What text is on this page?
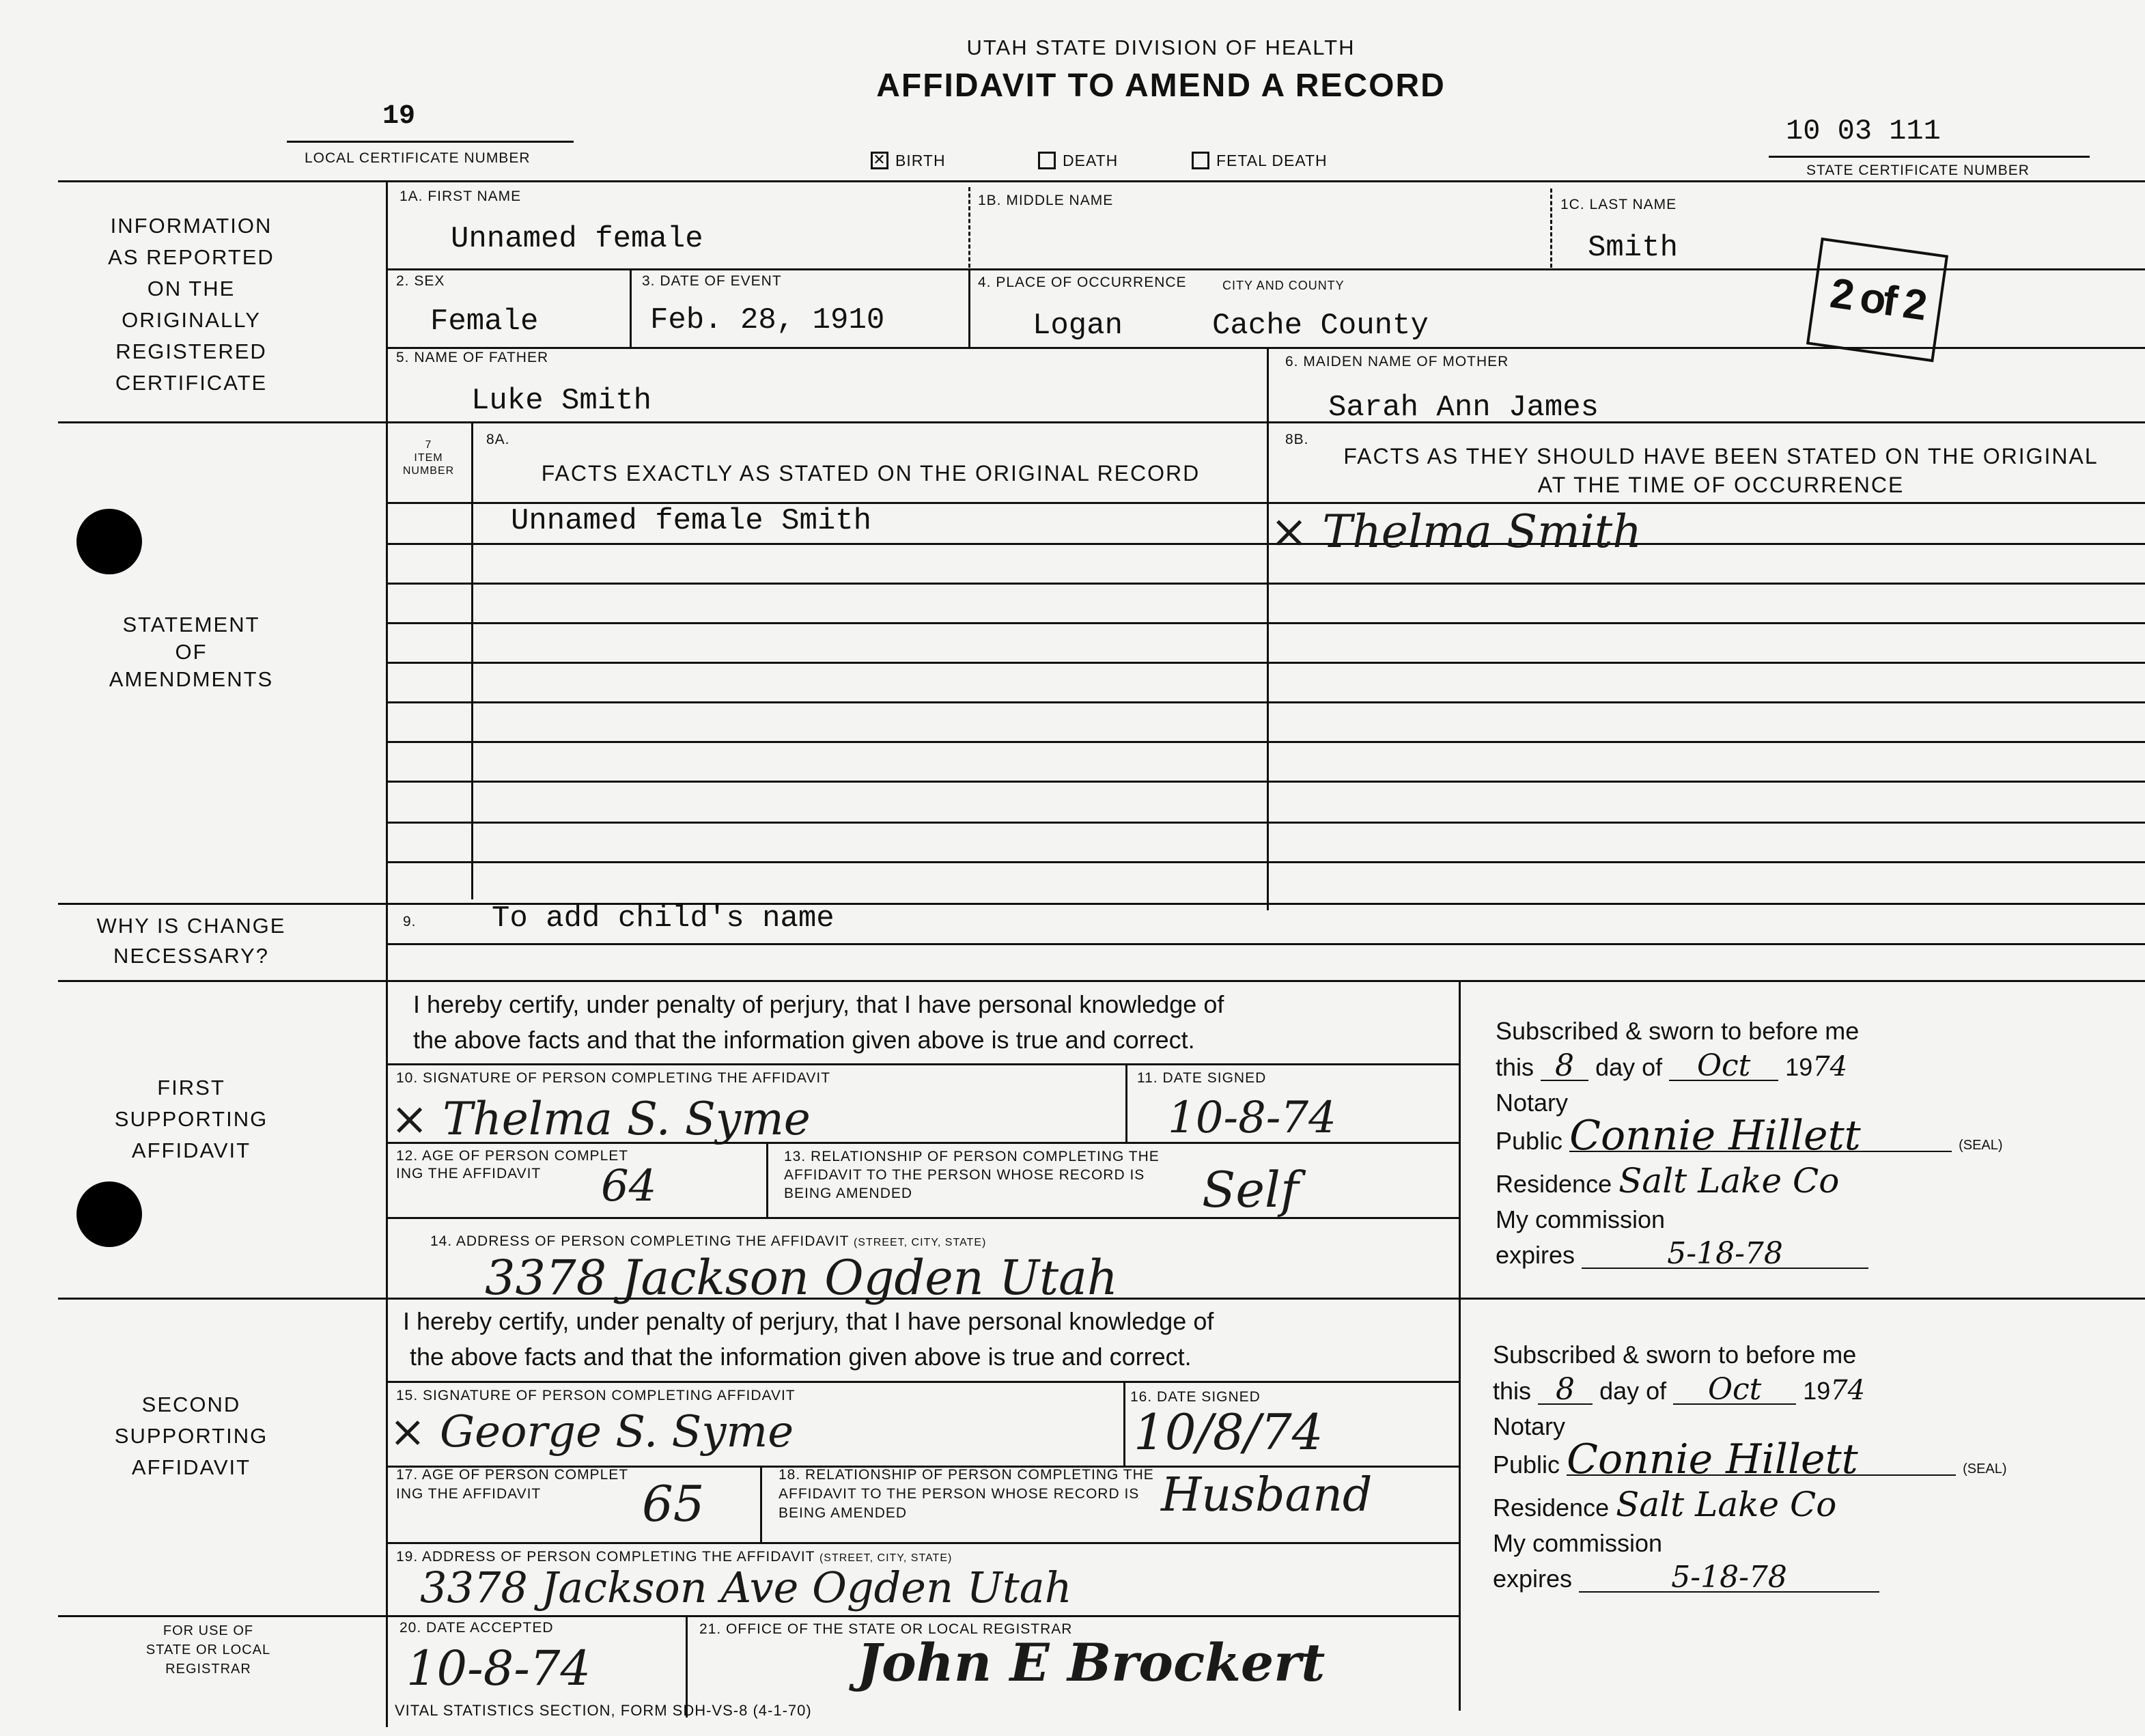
UTAH STATE DIVISION OF HEALTH
AFFIDAVIT TO AMEND A RECORD
19
LOCAL CERTIFICATE NUMBER
10 03 111
STATE CERTIFICATE NUMBER
✕ BIRTH	DEATH	FETAL DEATH
2 of 2
1A. FIRST NAME
Unnamed female
1B. MIDDLE NAME	1C. LAST NAME
Smith
2. SEX
Female
3. DATE OF EVENT
Feb. 28, 1910
4. PLACE OF OCCURRENCE	CITY AND COUNTY
Logan	Cache County
5. NAME OF FATHER
Luke Smith
6. MAIDEN NAME OF MOTHER
Sarah Ann James
INFORMATION
AS REPORTED
ON THE
ORIGINALLY
REGISTERED
CERTIFICATE
7
ITEM
NUMBER
8A.
FACTS EXACTLY AS STATED ON THE ORIGINAL RECORD
8B.
FACTS AS THEY SHOULD HAVE BEEN STATED ON THE ORIGINAL
AT THE TIME OF OCCURRENCE
Unnamed female Smith	× Thelma Smith
STATEMENT
OF
AMENDMENTS
9.	To add child's name
WHY IS CHANGE
NECESSARY?
I hereby certify, under penalty of perjury, that I have personal knowledge of
the above facts and that the information given above is true and correct.
10. SIGNATURE OF PERSON COMPLETING THE AFFIDAVIT
× Thelma S. Syme
11. DATE SIGNED
10-8-74
12. AGE OF PERSON COMPLET
ING THE AFFIDAVIT	64
13. RELATIONSHIP OF PERSON COMPLETING THE
AFFIDAVIT TO THE PERSON WHOSE RECORD IS
BEING AMENDED	Self
14. ADDRESS OF PERSON COMPLETING THE AFFIDAVIT (STREET, CITY, STATE)
3378 Jackson Ogden Utah
FIRST
SUPPORTING
AFFIDAVIT
Subscribed & sworn to before me
this 8 day of Oct 1974
Notary
Public Connie Hillett	(SEAL)
Residence Salt Lake Co
My commission
expires	5-18-78
I hereby certify, under penalty of perjury, that I have personal knowledge of
the above facts and that the information given above is true and correct.
15. SIGNATURE OF PERSON COMPLETING AFFIDAVIT
× George S. Syme
16. DATE SIGNED
10/8/74
17. AGE OF PERSON COMPLET
ING THE AFFIDAVIT	65
18. RELATIONSHIP OF PERSON COMPLETING THE
AFFIDAVIT TO THE PERSON WHOSE RECORD IS
BEING AMENDED	Husband
19. ADDRESS OF PERSON COMPLETING THE AFFIDAVIT (STREET, CITY, STATE)
3378 Jackson Ave Ogden Utah
SECOND
SUPPORTING
AFFIDAVIT
Subscribed & sworn to before me
this 8 day of Oct 1974
Notary
Public Connie Hillett	(SEAL)
Residence Salt Lake Co
My commission
expires	5-18-78
FOR USE OF
STATE OR LOCAL
REGISTRAR
20. DATE ACCEPTED
10-8-74
21. OFFICE OF THE STATE OR LOCAL REGISTRAR
John E Brockert
VITAL STATISTICS SECTION, FORM SDH-VS-8 (4-1-70)
